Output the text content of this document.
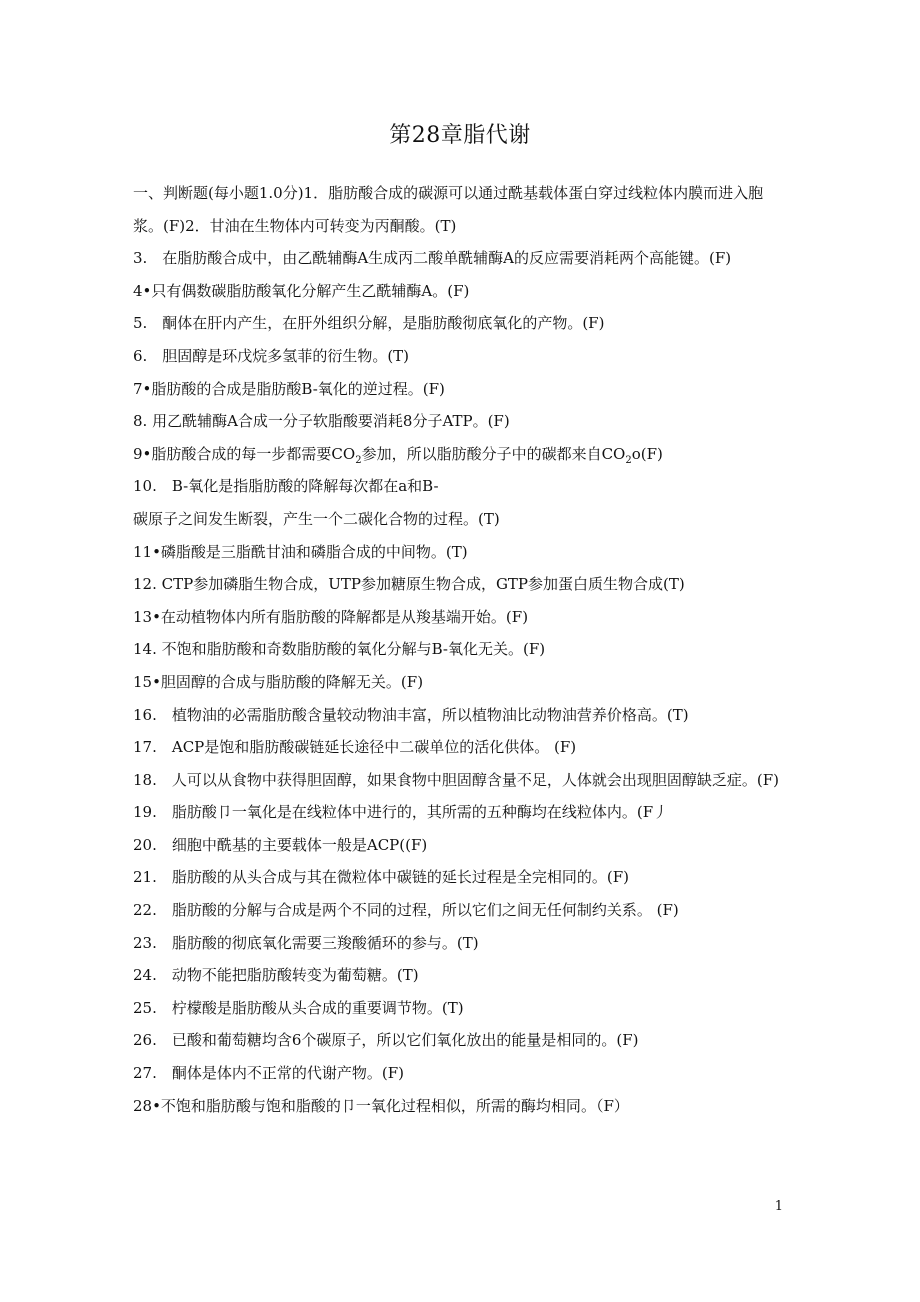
第28章脂代谢
一、判断题(每小题1.0分)1．脂肪酸合成的碳源可以通过酰基载体蛋白穿过线粒体内膜而进入胞浆。(F)2．甘油在生物体内可转变为丙酮酸。(T)
3.　在脂肪酸合成中，由乙酰辅酶A生成丙二酸单酰辅酶A的反应需要消耗两个高能键。(F)
4•只有偶数碳脂肪酸氧化分解产生乙酰辅酶A。(F)
5.　酮体在肝内产生，在肝外组织分解，是脂肪酸彻底氧化的产物。(F)
6.　胆固醇是环戊烷多氢菲的衍生物。(T)
7•脂肪酸的合成是脂肪酸B-氧化的逆过程。(F)
8. 用乙酰辅酶A合成一分子软脂酸要消耗8分子ATP。(F)
9•脂肪酸合成的每一步都需要$CO_2$参加，所以脂肪酸分子中的碳都来自$CO_2o(F)$
10.　B-氧化是指脂肪酸的降解每次都在a和B-
碳原子之间发生断裂，产生一个二碳化合物的过程。(T)
11•磷脂酸是三脂酰甘油和磷脂合成的中间物。(T)
12. CTP参加磷脂生物合成，UTP参加糖原生物合成，GTP参加蛋白质生物合成(T)
13•在动植物体内所有脂肪酸的降解都是从羧基端开始。(F)
14. 不饱和脂肪酸和奇数脂肪酸的氧化分解与B-氧化无关。(F)
15•胆固醇的合成与脂肪酸的降解无关。(F)
16.　植物油的必需脂肪酸含量较动物油丰富，所以植物油比动物油营养价格高。(T)
17.　ACP是饱和脂肪酸碳链延长途径中二碳单位的活化供体。 (F)
18.　人可以从食物中获得胆固醇，如果食物中胆固醇含量不足，人体就会出现胆固醇缺乏症。(F)
19.　脂肪酸卩一氧化是在线粒体中进行的，其所需的五种酶均在线粒体内。(F丿
20.　细胞中酰基的主要载体一般是ACP((F)
21.　脂肪酸的从头合成与其在微粒体中碳链的延长过程是全完相同的。(F)
22.　脂肪酸的分解与合成是两个不同的过程，所以它们之间无任何制约关系。 (F)
23.　脂肪酸的彻底氧化需要三羧酸循环的参与。(T)
24.　动物不能把脂肪酸转变为葡萄糖。(T)
25.　柠檬酸是脂肪酸从头合成的重要调节物。(T)
26.　已酸和葡萄糖均含6个碳原子，所以它们氧化放出的能量是相同的。(F)
27.　酮体是体内不正常的代谢产物。(F)
28•不饱和脂肪酸与饱和脂酸的卩一氧化过程相似，所需的酶均相同。（F）
1
